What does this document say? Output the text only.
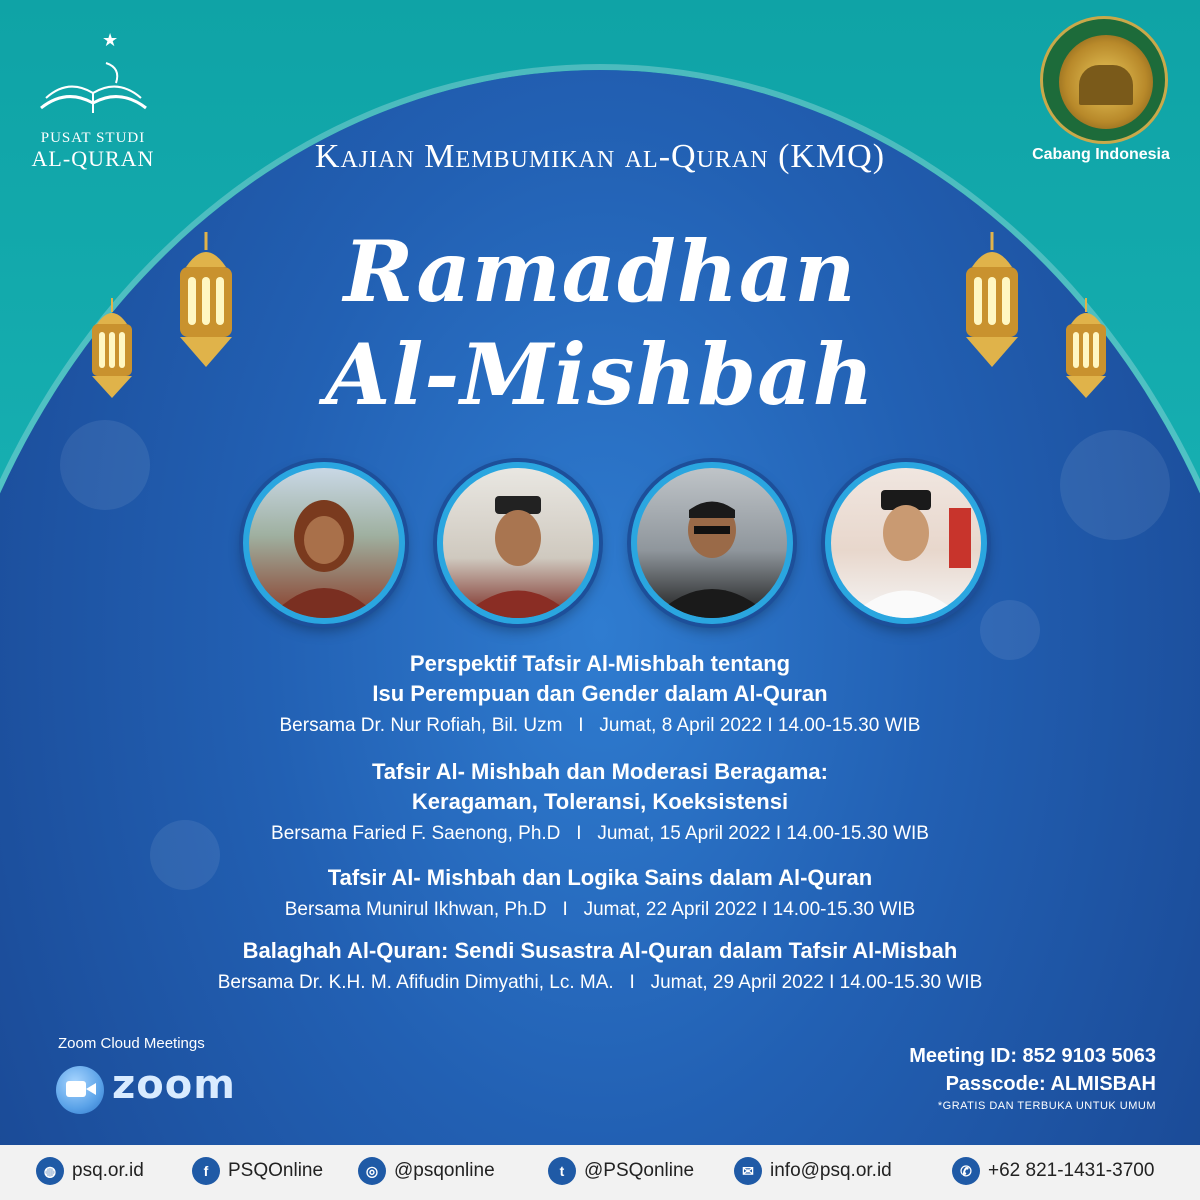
★
PUSAT STUDI
AL-QURAN	Cabang Indonesia
Kajian Membumikan al-Quran (KMQ)
Ramadhan
Al-Mishbah
Perspektif Tafsir Al-Mishbah tentang
Isu Perempuan dan Gender dalam Al-Quran
Bersama Dr. Nur Rofiah, Bil. Uzm   I   Jumat, 8 April 2022 I 14.00-15.30 WIB
Tafsir Al- Mishbah dan Moderasi Beragama:
Keragaman, Toleransi, Koeksistensi
Bersama Faried F. Saenong, Ph.D   I   Jumat, 15 April 2022 I 14.00-15.30 WIB
Tafsir Al- Mishbah dan Logika Sains dalam Al-Quran
Bersama Munirul Ikhwan, Ph.D   I   Jumat, 22 April 2022 I 14.00-15.30 WIB
Balaghah Al-Quran: Sendi Susastra Al-Quran dalam Tafsir Al-Misbah
Bersama Dr. K.H. M. Afifudin Dimyathi, Lc. MA.   I   Jumat, 29 April 2022 I 14.00-15.30 WIB
Zoom Cloud Meetings
zoom
Meeting ID: 852 9103 5063
Passcode: ALMISBAH
*GRATIS DAN TERBUKA UNTUK UMUM
◍ psq.or.id	f	PSQOnline	◎ @psqonline	t	@PSQonline	✉ info@psq.or.id	✆ +62 821-1431-3700
